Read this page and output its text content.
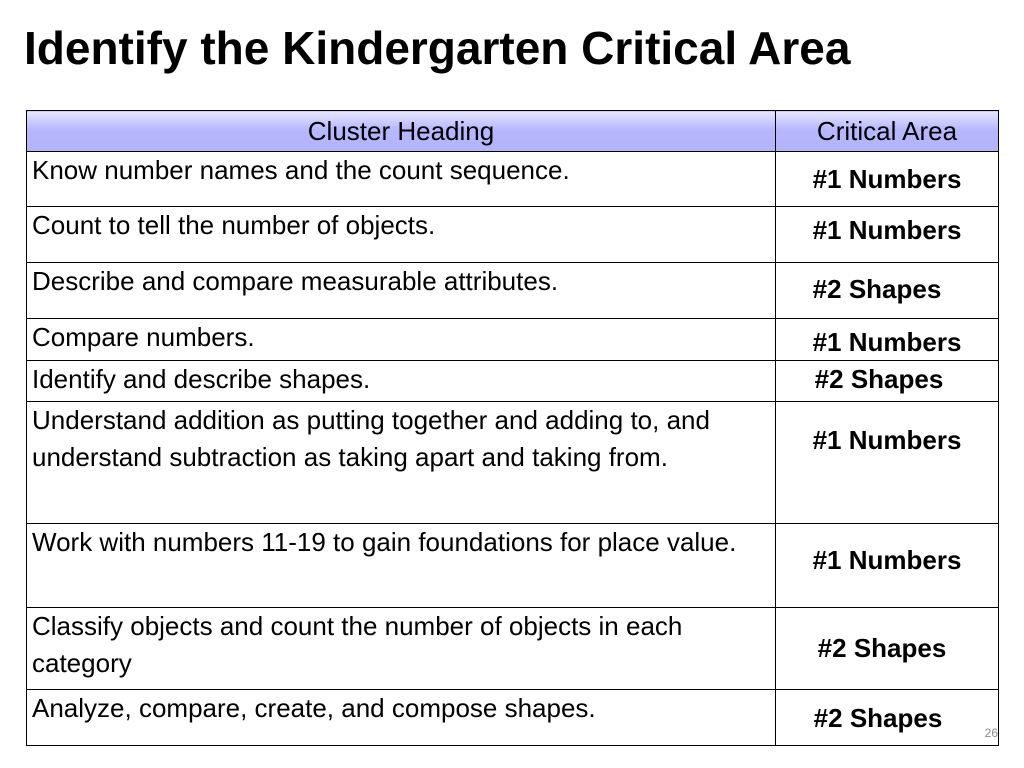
Identify the Kindergarten Critical Area
Cluster Heading	Critical Area
Know number names and the count sequence.	#1 Numbers
Count to tell the number of objects.	#1 Numbers
Describe and compare measurable attributes.	#2 Shapes
Compare numbers.	#1 Numbers
Identify and describe shapes.	#2 Shapes
Understand addition as putting together and adding to, and understand subtraction as taking apart and taking from.	#1 Numbers
Work with numbers 11-19 to gain foundations for place value.	#1 Numbers
Classify objects and count the number of objects in each category	#2 Shapes
Analyze, compare, create, and compose shapes.	#2 Shapes	26
